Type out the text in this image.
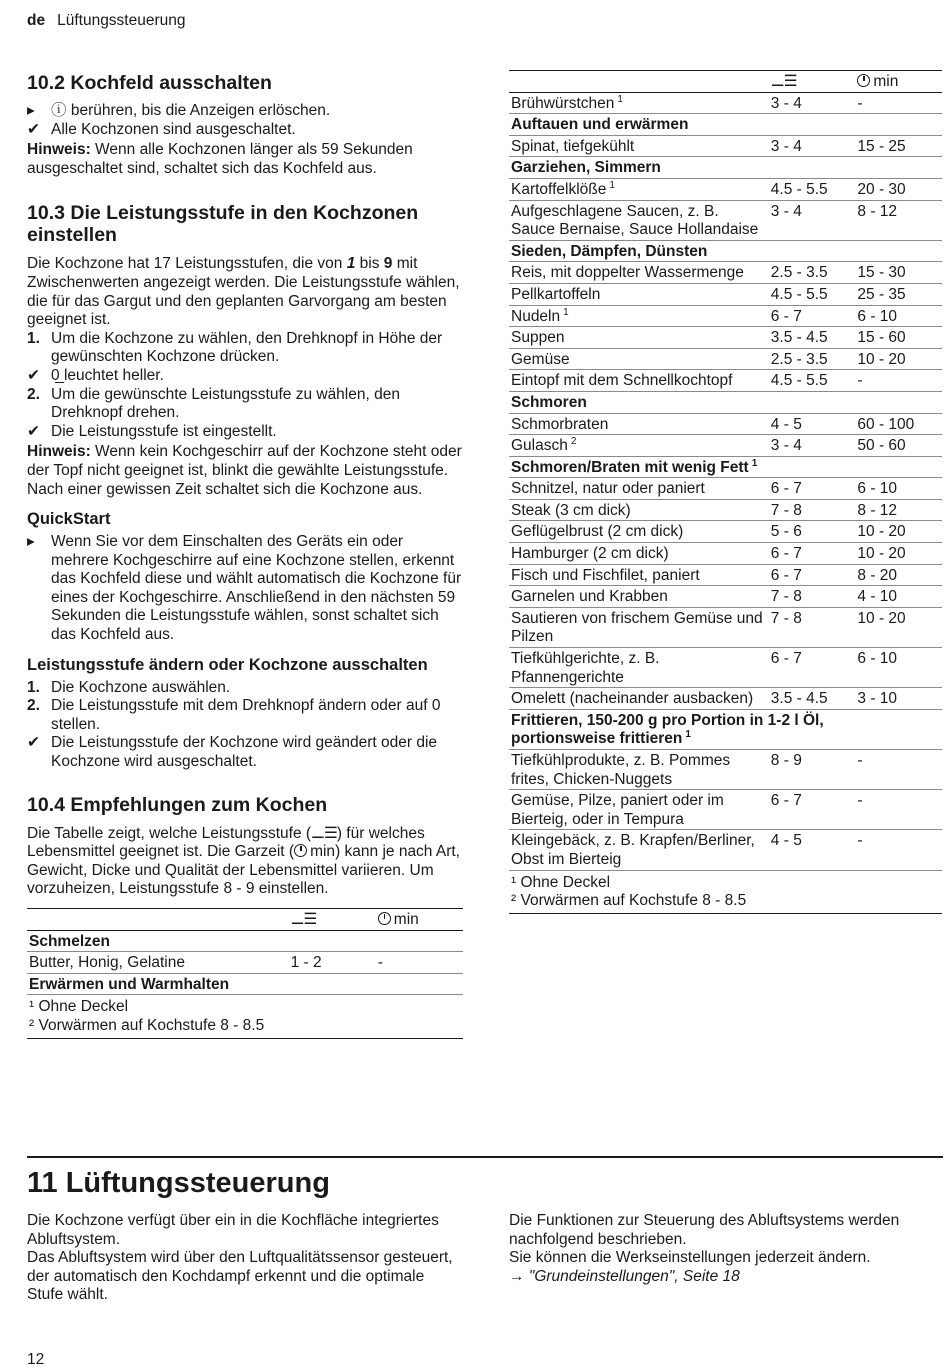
de Lüftungssteuerung
10.2 Kochfeld ausschalten
▸	ⓘ berühren, bis die Anzeigen erlöschen.
✔ Alle Kochzonen sind ausgeschaltet.

Hinweis: Wenn alle Kochzonen länger als 59 Sekunden ausgeschaltet sind, schaltet sich das Kochfeld aus.

10.3 Die Leistungsstufe in den Kochzonen einstellen

Die Kochzone hat 17 Leistungsstufen, die von 1 bis 9 mit Zwischenwerten angezeigt werden. Die Leistungsstufe wählen, die für das Gargut und den geplanten Garvorgang am besten geeignet ist.

1. Um die Kochzone zu wählen, den Drehknopf in Höhe der gewünschten Kochzone drücken.
✔ 0̲ leuchtet heller.
2. Um die gewünschte Leistungsstufe zu wählen, den Drehknopf drehen.
✔ Die Leistungsstufe ist eingestellt.

Hinweis: Wenn kein Kochgeschirr auf der Kochzone steht oder der Topf nicht geeignet ist, blinkt die gewählte Leistungsstufe. Nach einer gewissen Zeit schaltet sich die Kochzone aus.

QuickStart
▸	Wenn Sie vor dem Einschalten des Geräts ein oder mehrere Kochgeschirre auf eine Kochzone stellen, erkennt das Kochfeld diese und wählt automatisch die Kochzone für eines der Kochgeschirre. Anschließend in den nächsten 59 Sekunden die Leistungsstufe wählen, sonst schaltet sich das Kochfeld aus.
Leistungsstufe ändern oder Kochzone ausschalten
1. Die Kochzone auswählen.
2. Die Leistungsstufe mit dem Drehknopf ändern oder auf 0 stellen.
✔ Die Leistungsstufe der Kochzone wird geändert oder die Kochzone wird ausgeschaltet.
10.4 Empfehlungen zum Kochen

Die Tabelle zeigt, welche Leistungsstufe (⚊☰) für welches Lebensmittel geeignet ist. Die Garzeit ( min) kann je nach Art, Gewicht, Dicke und Qualität der Lebensmittel variieren. Um vorzuheizen, Leistungsstufe 8 - 9 einstellen.

	⚊☰	min
Schmelzen		
Butter, Honig, Gelatine	1 - 2	-
Erwärmen und Warmhalten		

¹ Ohne Deckel
² Vorwärmen auf Kochstufe 8 - 8.5		
	⚊☰	min
Brühwürstchen $^1$	3 - 4	-
Auftauen und erwärmen		
Spinat, tiefgekühlt	3 - 4	15 - 25
Garziehen, Simmern		
Kartoffelklöße $^1$	4.5 - 5.5	20 - 30
Aufgeschlagene Saucen, z. B. Sauce Bernaise, Sauce Hollandaise	3 - 4	8 - 12
Sieden, Dämpfen, Dünsten		
Reis, mit doppelter Wassermenge	2.5 - 3.5	15 - 30
Pellkartoffeln	4.5 - 5.5	25 - 35
Nudeln $^1$	6 - 7	6 - 10
Suppen	3.5 - 4.5	15 - 60
Gemüse	2.5 - 3.5	10 - 20
Eintopf mit dem Schnellkochtopf	4.5 - 5.5	-
Schmoren		
Schmorbraten	4 - 5	60 - 100
Gulasch $^2$	3 - 4	50 - 60
Schmoren/Braten mit wenig Fett $^1$	
Schnitzel, natur oder paniert	6 - 7	6 - 10
Steak (3 cm dick)	7 - 8	8 - 12
Geflügelbrust (2 cm dick)	5 - 6	10 - 20
Hamburger (2 cm dick)	6 - 7	10 - 20
Fisch und Fischfilet, paniert	6 - 7	8 - 20
Garnelen und Krabben	7 - 8	4 - 10
Sautieren von frischem Gemüse und Pilzen	7 - 8	10 - 20
Tiefkühlgerichte, z. B. Pfannengerichte	6 - 7	6 - 10
Omelett (nacheinander ausbacken)	3.5 - 4.5	3 - 10
Frittieren, 150-200 g pro Portion in 1-2 l Öl, portionsweise frittieren $^1$	
Tiefkühlprodukte, z. B. Pommes frites, Chicken-Nuggets	8 - 9	-
Gemüse, Pilze, paniert oder im Bierteig, oder in Tempura	6 - 7	-
Kleingebäck, z. B. Krapfen/Berliner, Obst im Bierteig	4 - 5	-

¹ Ohne Deckel
² Vorwärmen auf Kochstufe 8 - 8.5		
11 Lüftungssteuerung

Die Kochzone verfügt über ein in die Kochfläche integriertes Abluftsystem.

Das Abluftsystem wird über den Luftqualitätssensor gesteuert, der automatisch den Kochdampf erkennt und die optimale Stufe wählt.

Die Funktionen zur Steuerung des Abluftsystems werden nachfolgend beschrieben.

Sie können die Werkseinstellungen jederzeit ändern.

→ "Grundeinstellungen", Seite 18

12
